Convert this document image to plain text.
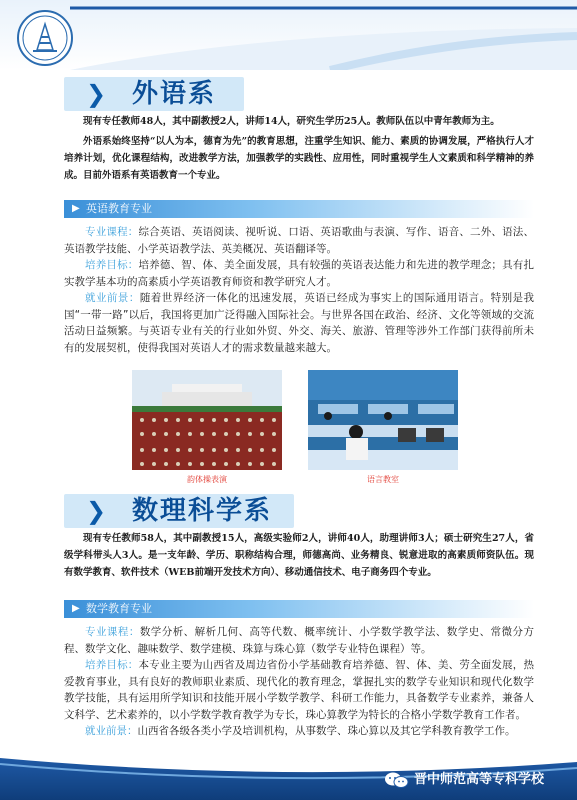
❯ 外语系

现有专任教师48人，其中副教授2人，讲师14人，研究生学历25人。教师队伍以中青年教师为主。

外语系始终坚持“以人为本，德育为先”的教育思想，注重学生知识、能力、素质的协调发展，严格执行人才培养计划，优化课程结构，改进教学方法，加强教学的实践性、应用性，同时重视学生人文素质和科学精神的养成。目前外语系有英语教育一个专业。

▶ 英语教育专业

专业课程：综合英语、英语阅读、视听说、口语、英语歌曲与表演、写作、语音、二外、语法、英语教学技能、小学英语教学法、英美概况、英语翻译等。

培养目标：培养德、智、体、美全面发展，具有较强的英语表达能力和先进的教学理念；具有扎实教学基本功的高素质小学英语教育师资和教学研究人才。

就业前景：随着世界经济一体化的迅速发展，英语已经成为事实上的国际通用语言。特别是我国“一带一路”以后，我国将更加广泛得融入国际社会。与世界各国在政治、经济、文化等领域的交流活动日益频繁。与英语专业有关的行业如外贸、外交、海关、旅游、管理等涉外工作部门获得前所未有的发展契机，使得我国对英语人才的需求数量越来越大。

韵体操表演	语言教室
❯ 数理科学系

现有专任教师58人，其中副教授15人，高级实验师2人，讲师40人，助理讲师3人；硕士研究生27人，省级学科带头人3人。是一支年龄、学历、职称结构合理，师德高尚、业务精良、锐意进取的高素质师资队伍。现有数学教育、软件技术（WEB前端开发技术方向）、移动通信技术、电子商务四个专业。

▶ 数学教育专业

专业课程：数学分析、解析几何、高等代数、概率统计、小学数学教学法、数学史、常微分方程、数学文化、趣味数学、数学建模、珠算与珠心算（数学专业特色课程）等。

培养目标：本专业主要为山西省及周边省份小学基础教育培养德、智、体、美、劳全面发展，热爱教育事业，具有良好的教师职业素质、现代化的教育理念，掌握扎实的数学专业知识和现代化数学教学技能，具有运用所学知识和技能开展小学数学教学、科研工作能力，具备数学专业素养，兼备人文科学、艺术素养的，以小学数学教育教学为专长，珠心算教学为特长的合格小学数学教育工作者。

就业前景：山西省各级各类小学及培训机构，从事数学、珠心算以及其它学科教育教学工作。

晋中师范高等专科学校
